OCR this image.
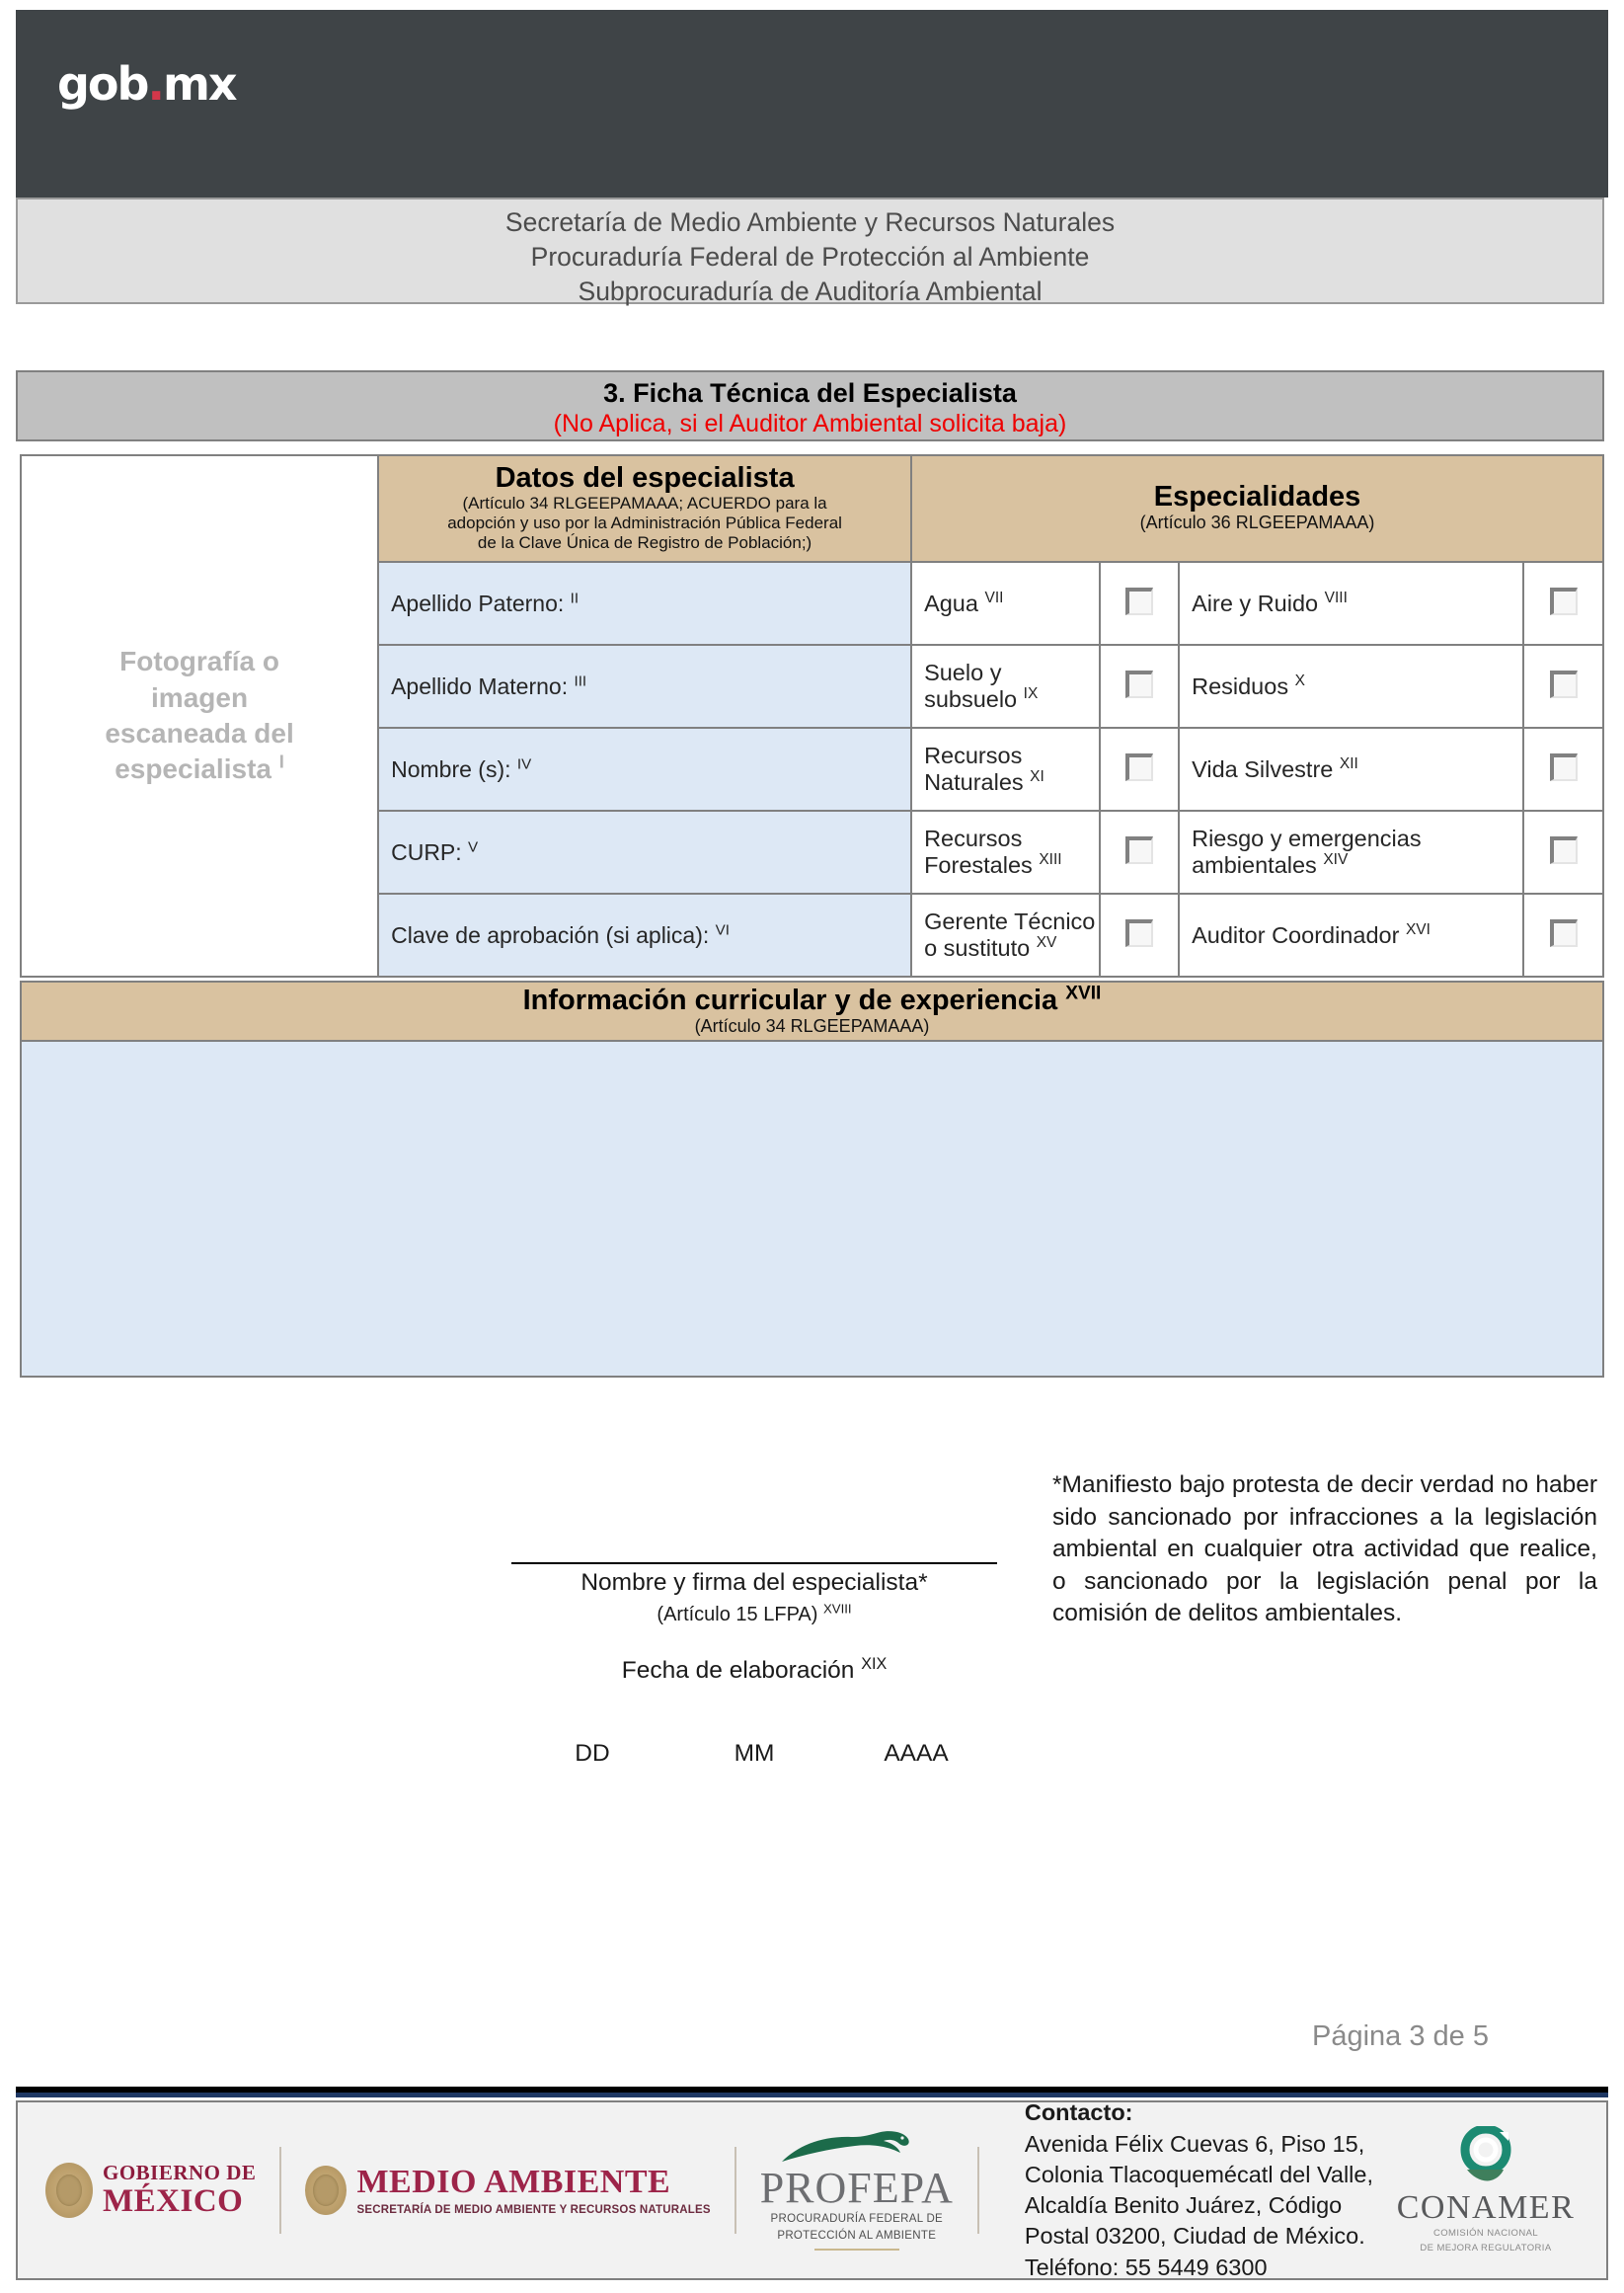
gob.mx
Secretaría de Medio Ambiente y Recursos Naturales
Procuraduría Federal de Protección al Ambiente
Subprocuraduría de Auditoría Ambiental
3. Ficha Técnica del Especialista
(No Aplica, si el Auditor Ambiental solicita baja)
Fotografía o
imagen
escaneada del
especialista $^I$

Datos del especialista
(Artículo 34 RLGEEPAMAAA; ACUERDO para la
adopción y uso por la Administración Pública Federal
de la Clave Única de Registro de Población;)

Especialidades
(Artículo 36 RLGEEPAMAAA)

	Apellido Paterno: $^{II}$	Agua $^{VII}$		Aire y Ruido $^{VIII}$	
	Apellido Materno: $^{III}$	Suelo y subsuelo $^{IX}$		Residuos $^X$	
	Nombre (s): $^{IV}$	Recursos Naturales $^{XI}$		Vida Silvestre $^{XII}$	
	CURP: $^V$	Recursos Forestales $^{XIII}$		Riesgo y emergencias ambientales $^{XIV}$	
	Clave de aprobación (si aplica): $^{VI}$	Gerente Técnico o sustituto $^{XV}$		Auditor Coordinador $^{XVI}$	
Información curricular y de experiencia $^{XVII}$
(Artículo 34 RLGEEPAMAAA)
Nombre y firma del especialista*
(Artículo 15 LFPA) $^{XVIII}$
Fecha de elaboración $^{XIX}$
DD	MM	AAAA
*Manifiesto bajo protesta de decir verdad no haber sido sancionado por infracciones a la legislación ambiental en cualquier otra actividad que realice, o sancionado por la legislación penal por la comisión de delitos ambientales.
Página 3 de 5
GOBIERNO DE
MÉXICO
MEDIO AMBIENTE
SECRETARÍA DE MEDIO AMBIENTE Y RECURSOS NATURALES PROFEPA
PROCURADURÍA FEDERAL DE
PROTECCIÓN AL AMBIENTE
Contacto:
Avenida Félix Cuevas 6, Piso 15, Colonia Tlacoquemécatl del Valle, Alcaldía Benito Juárez, Código Postal 03200, Ciudad de México.
Teléfono: 55 5449 6300
CONAMER
COMISIÓN NACIONAL
DE MEJORA REGULATORIA
